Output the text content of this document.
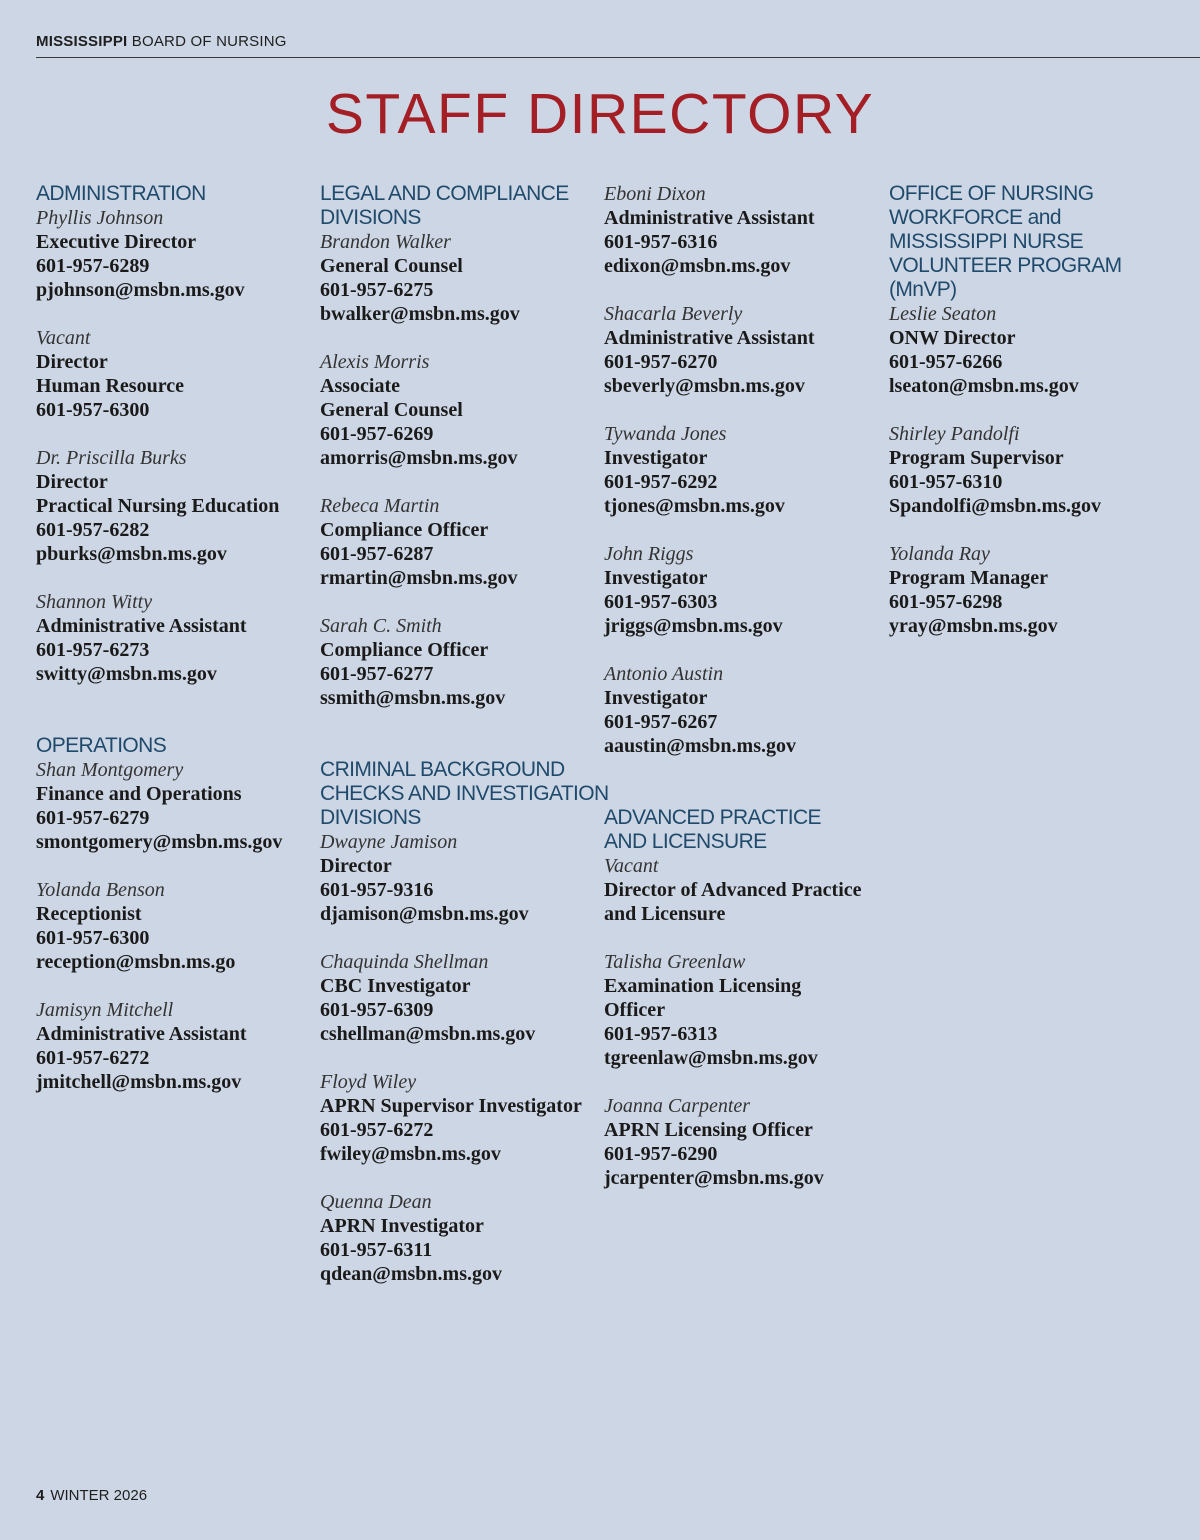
MISSISSIPPI BOARD OF NURSING
STAFF DIRECTORY
ADMINISTRATION
Phyllis Johnson
Executive Director
601-957-6289
pjohnson@msbn.ms.gov
Vacant
Director
Human Resource
601-957-6300
Dr. Priscilla Burks
Director
Practical Nursing Education
601-957-6282
pburks@msbn.ms.gov
Shannon Witty
Administrative Assistant
601-957-6273
switty@msbn.ms.gov
OPERATIONS
Shan Montgomery
Finance and Operations
601-957-6279
smontgomery@msbn.ms.gov
Yolanda Benson
Receptionist
601-957-6300
reception@msbn.ms.go
Jamisyn Mitchell
Administrative Assistant
601-957-6272
jmitchell@msbn.ms.gov
LEGAL AND COMPLIANCE
DIVISIONS
Brandon Walker
General Counsel
601-957-6275
bwalker@msbn.ms.gov
Alexis Morris
Associate
General Counsel
601-957-6269
amorris@msbn.ms.gov
Rebeca Martin
Compliance Officer
601-957-6287
rmartin@msbn.ms.gov
Sarah C. Smith
Compliance Officer
601-957-6277
ssmith@msbn.ms.gov
CRIMINAL BACKGROUND
CHECKS AND INVESTIGATION
DIVISIONS
Dwayne Jamison
Director
601-957-9316
djamison@msbn.ms.gov
Chaquinda Shellman
CBC Investigator
601-957-6309
cshellman@msbn.ms.gov
Floyd Wiley
APRN Supervisor Investigator
601-957-6272
fwiley@msbn.ms.gov
Quenna Dean
APRN Investigator
601-957-6311
qdean@msbn.ms.gov
Eboni Dixon
Administrative Assistant
601-957-6316
edixon@msbn.ms.gov
Shacarla Beverly
Administrative Assistant
601-957-6270
sbeverly@msbn.ms.gov
Tywanda Jones
Investigator
601-957-6292
tjones@msbn.ms.gov
John Riggs
Investigator
601-957-6303
jriggs@msbn.ms.gov
Antonio Austin
Investigator
601-957-6267
aaustin@msbn.ms.gov
ADVANCED PRACTICE
AND LICENSURE
Vacant
Director of Advanced Practice
and Licensure
Talisha Greenlaw
Examination Licensing
Officer
601-957-6313
tgreenlaw@msbn.ms.gov
Joanna Carpenter
APRN Licensing Officer
601-957-6290
jcarpenter@msbn.ms.gov
OFFICE OF NURSING
WORKFORCE and
MISSISSIPPI NURSE
VOLUNTEER PROGRAM (MnVP)
Leslie Seaton
ONW Director
601-957-6266
lseaton@msbn.ms.gov
Shirley Pandolfi
Program Supervisor
601-957-6310
Spandolfi@msbn.ms.gov
Yolanda Ray
Program Manager
601-957-6298
yray@msbn.ms.gov
4 WINTER 2026
